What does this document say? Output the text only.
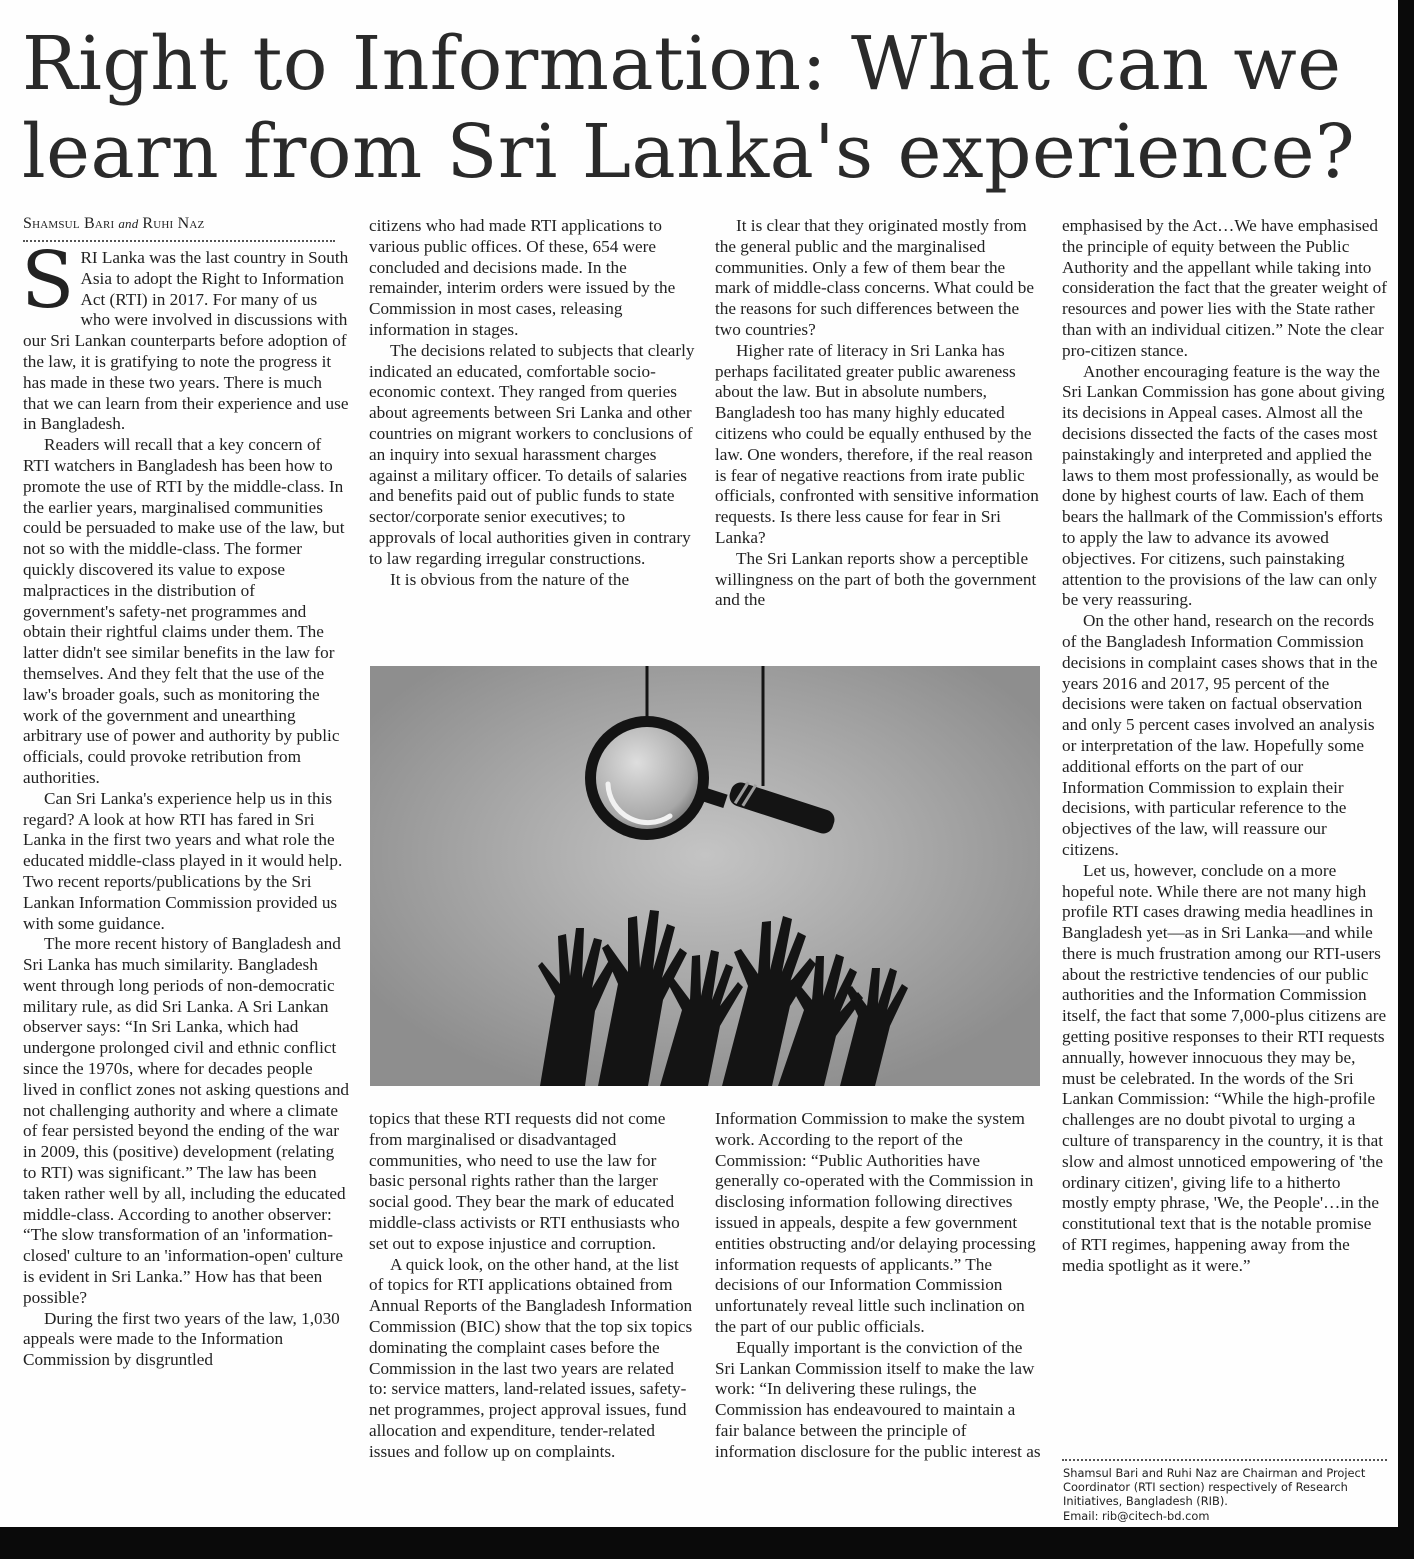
Right to Information: What can we learn from Sri Lanka's experience?
Shamsul Bari and Ruhi Naz

SRI Lanka was the last country in South Asia to adopt the Right to Information Act (RTI) in 2017. For many of us who were involved in discussions with our Sri Lankan counterparts before adoption of the law, it is gratifying to note the progress it has made in these two years. There is much that we can learn from their experience and use in Bangladesh.

Readers will recall that a key concern of RTI watchers in Bangladesh has been how to promote the use of RTI by the middle-class. In the earlier years, marginalised communities could be persuaded to make use of the law, but not so with the middle-class. The former quickly discovered its value to expose malpractices in the distribution of government's safety-net programmes and obtain their rightful claims under them. The latter didn't see similar benefits in the law for themselves. And they felt that the use of the law's broader goals, such as monitoring the work of the government and unearthing arbitrary use of power and authority by public officials, could provoke retribution from authorities.

Can Sri Lanka's experience help us in this regard? A look at how RTI has fared in Sri Lanka in the first two years and what role the educated middle-class played in it would help. Two recent reports/publications by the Sri Lankan Information Commission provided us with some guidance.

The more recent history of Bangladesh and Sri Lanka has much similarity. Bangladesh went through long periods of non-democratic military rule, as did Sri Lanka. A Sri Lankan observer says: “In Sri Lanka, which had undergone prolonged civil and ethnic conflict since the 1970s, where for decades people lived in conflict zones not asking questions and not challenging authority and where a climate of fear persisted beyond the ending of the war in 2009, this (positive) development (relating to RTI) was significant.” The law has been taken rather well by all, including the educated middle-class. According to another observer: “The slow transformation of an 'information-closed' culture to an 'information-open' culture is evident in Sri Lanka.” How has that been possible?

During the first two years of the law, 1,030 appeals were made to the Information Commission by disgruntled

citizens who had made RTI applications to various public offices. Of these, 654 were concluded and decisions made. In the remainder, interim orders were issued by the Commission in most cases, releasing information in stages.

The decisions related to subjects that clearly indicated an educated, comfortable socio-economic context. They ranged from queries about agreements between Sri Lanka and other countries on migrant workers to conclusions of an inquiry into sexual harassment charges against a military officer. To details of salaries and benefits paid out of public funds to state sector/corporate senior executives; to approvals of local authorities given in contrary to law regarding irregular constructions.

It is obvious from the nature of the

It is clear that they originated mostly from the general public and the marginalised communities. Only a few of them bear the mark of middle-class concerns. What could be the reasons for such differences between the two countries?

Higher rate of literacy in Sri Lanka has perhaps facilitated greater public awareness about the law. But in absolute numbers, Bangladesh too has many highly educated citizens who could be equally enthused by the law. One wonders, therefore, if the real reason is fear of negative reactions from irate public officials, confronted with sensitive information requests. Is there less cause for fear in Sri Lanka?

The Sri Lankan reports show a perceptible willingness on the part of both the government and the

topics that these RTI requests did not come from marginalised or disadvantaged communities, who need to use the law for basic personal rights rather than the larger social good. They bear the mark of educated middle-class activists or RTI enthusiasts who set out to expose injustice and corruption.

A quick look, on the other hand, at the list of topics for RTI applications obtained from Annual Reports of the Bangladesh Information Commission (BIC) show that the top six topics dominating the complaint cases before the Commission in the last two years are related to: service matters, land-related issues, safety-net programmes, project approval issues, fund allocation and expenditure, tender-related issues and follow up on complaints.

Information Commission to make the system work. According to the report of the Commission: “Public Authorities have generally co-operated with the Commission in disclosing information following directives issued in appeals, despite a few government entities obstructing and/or delaying processing information requests of applicants.” The decisions of our Information Commission unfortunately reveal little such inclination on the part of our public officials.

Equally important is the conviction of the Sri Lankan Commission itself to make the law work: “In delivering these rulings, the Commission has endeavoured to maintain a fair balance between the principle of information disclosure for the public interest as

emphasised by the Act…We have emphasised the principle of equity between the Public Authority and the appellant while taking into consideration the fact that the greater weight of resources and power lies with the State rather than with an individual citizen.” Note the clear pro-citizen stance.

Another encouraging feature is the way the Sri Lankan Commission has gone about giving its decisions in Appeal cases. Almost all the decisions dissected the facts of the cases most painstakingly and interpreted and applied the laws to them most professionally, as would be done by highest courts of law. Each of them bears the hallmark of the Commission's efforts to apply the law to advance its avowed objectives. For citizens, such painstaking attention to the provisions of the law can only be very reassuring.

On the other hand, research on the records of the Bangladesh Information Commission decisions in complaint cases shows that in the years 2016 and 2017, 95 percent of the decisions were taken on factual observation and only 5 percent cases involved an analysis or interpretation of the law. Hopefully some additional efforts on the part of our Information Commission to explain their decisions, with particular reference to the objectives of the law, will reassure our citizens.

Let us, however, conclude on a more hopeful note. While there are not many high profile RTI cases drawing media headlines in Bangladesh yet—as in Sri Lanka—and while there is much frustration among our RTI-users about the restrictive tendencies of our public authorities and the Information Commission itself, the fact that some 7,000-plus citizens are getting positive responses to their RTI requests annually, however innocuous they may be, must be celebrated. In the words of the Sri Lankan Commission: “While the high-profile challenges are no doubt pivotal to urging a culture of transparency in the country, it is that slow and almost unnoticed empowering of 'the ordinary citizen', giving life to a hitherto mostly empty phrase, 'We, the People'…in the constitutional text that is the notable promise of RTI regimes, happening away from the media spotlight as it were.”

Shamsul Bari and Ruhi Naz are Chairman and Project Coordinator (RTI section) respectively of Research Initiatives, Bangladesh (RIB).
Email: rib@citech-bd.com
